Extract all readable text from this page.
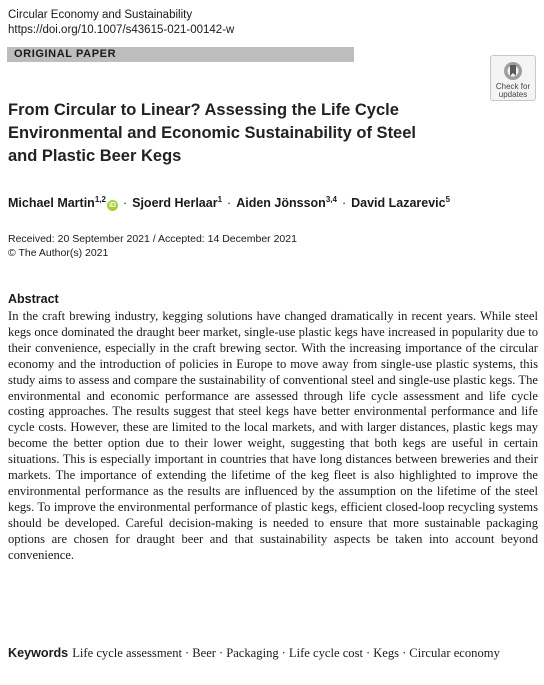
Circular Economy and Sustainability
https://doi.org/10.1007/s43615-021-00142-w
ORIGINAL PAPER
Check for
updates
From Circular to Linear? Assessing the Life Cycle Environmental and Economic Sustainability of Steel and Plastic Beer Kegs
Michael Martin$^{1,2}$iD · Sjoerd Herlaar$^1$ · Aiden Jönsson$^{3,4}$ · David Lazarevic$^5$
Received: 20 September 2021 / Accepted: 14 December 2021
© The Author(s) 2021
Abstract

In the craft brewing industry, kegging solutions have changed dramatically in recent years. While steel kegs once dominated the draught beer market, single-use plastic kegs have increased in popularity due to their convenience, especially in the craft brewing sector. With the increasing importance of the circular economy and the introduction of policies in Europe to move away from single-use plastic systems, this study aims to assess and compare the sustainability of conventional steel and single-use plastic kegs. The environmental and economic performance are assessed through life cycle assessment and life cycle costing approaches. The results suggest that steel kegs have better environmental performance and life cycle costs. However, these are limited to the local markets, and with larger distances, plastic kegs may become the better option due to their lower weight, suggesting that both kegs are useful in certain situations. This is especially important in countries that have long distances between breweries and their markets. The importance of extending the lifetime of the keg fleet is also highlighted to improve the environmental performance as the results are influenced by the assumption on the lifetime of the steel kegs. To improve the environmental performance of plastic kegs, efficient closed-loop recycling systems should be developed. Careful decision-making is needed to ensure that more sustainable packaging options are chosen for draught beer and that sustainability aspects be taken into account beyond convenience.

Keywords Life cycle assessment · Beer · Packaging · Life cycle cost · Kegs · Circular economy
